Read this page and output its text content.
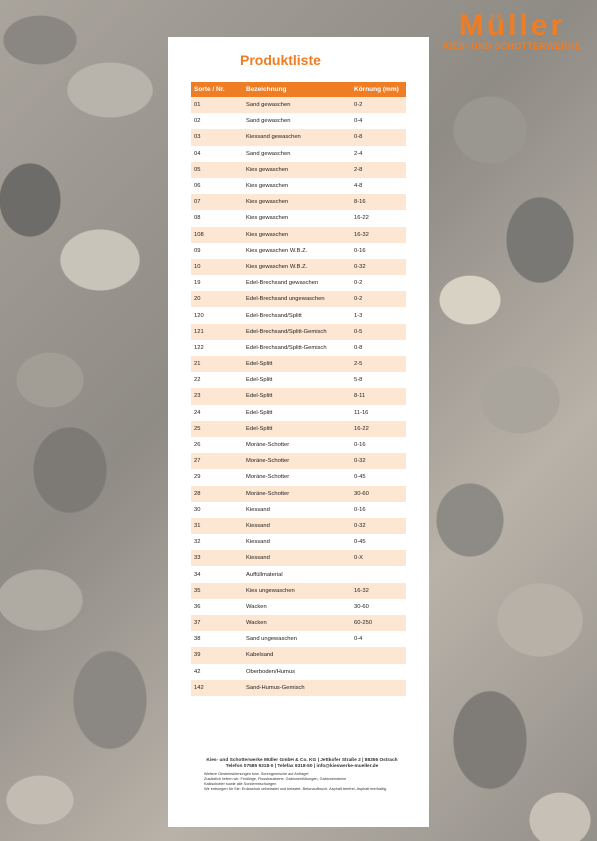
Müller
KIES- UND SCHOTTERWERKE
Produktliste
Sorte / Nr.	Bezeichnung	Körnung (mm)
01	Sand gewaschen	0-2
02	Sand gewaschen	0-4
03	Kiessand gewaschen	0-8
04	Sand gewaschen	2-4
05	Kies gewaschen	2-8
06	Kies gewaschen	4-8
07	Kies gewaschen	8-16
08	Kies gewaschen	16-22
108	Kies gewaschen	16-32
09	Kies gewaschen W.B.Z.	0-16
10	Kies gewaschen W.B.Z.	0-32
19	Edel-Brechsand gewaschen	0-2
20	Edel-Brechsand ungewaschen	0-2
120	Edel-Brechsand/Splitt	1-3
121	Edel-Brechsand/Splitt-Gemisch	0-5
122	Edel-Brechsand/Splitt-Gemisch	0-8
21	Edel-Splitt	2-5
22	Edel-Splitt	5-8
23	Edel-Splitt	8-11
24	Edel-Splitt	11-16
25	Edel-Splitt	16-22
26	Moräne-Schotter	0-16
27	Moräne-Schotter	0-32
29	Moräne-Schotter	0-45
28	Moräne-Schotter	30-60
30	Kiessand	0-16
31	Kiessand	0-32
32	Kiessand	0-45
33	Kiessand	0-X
34	Auffüllmaterial	
35	Kies ungewaschen	16-32
36	Wacken	30-60
37	Wacken	60-250
38	Sand ungewaschen	0-4
39	Kabelsand	
42	Oberboden/Humus	
142	Sand-Humus-Gemisch	
Kies- und Schotterwerke Müller GmbH & Co. KG | Jettkofer Straße 2 | 88356 Ostrach
Telefon 07585 9318-0 | Telefax 9318-50 | info@kieswerke-mueller.de
Weitere Gesteinskörnungen bzw. Sorengemische auf Anfrage!
Zusätzlich liefern wir: Findlinge, Flussbausteine, Gabionenfüllungen, Gabionensteine
Kalkschotter sowie alle Sondermischungen
Wir entsorgen für Sie: Erdaushub unbelastet und belastet, Betonaufbruch, Asphalt teerfrei, Asphalt teerhaltig.
